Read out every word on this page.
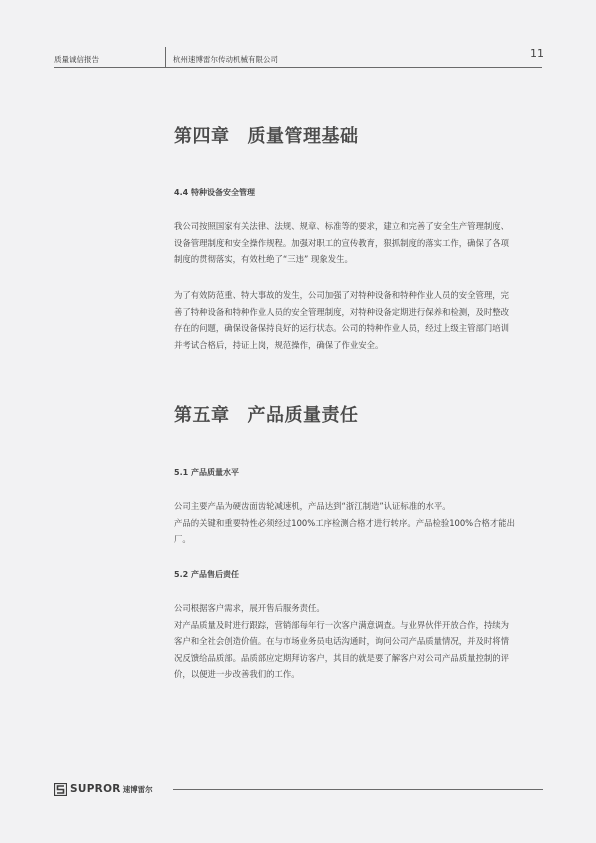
质量诚信报告	杭州速博雷尔传动机械有限公司	11
第四章 质量管理基础
4.4 特种设备安全管理
我公司按照国家有关法律、法规、规章、标准等的要求，建立和完善了安全生产管理制度、
设备管理制度和安全操作规程。加强对职工的宣传教育，狠抓制度的落实工作，确保了各项
制度的贯彻落实，有效杜绝了“三违” 现象发生。
为了有效防范重、特大事故的发生，公司加强了对特种设备和特种作业人员的安全管理，完
善了特种设备和特种作业人员的安全管理制度，对特种设备定期进行保养和检测，及时整改
存在的问题，确保设备保持良好的运行状态。公司的特种作业人员，经过上级主管部门培训
并考试合格后，持证上岗，规范操作，确保了作业安全。
第五章 产品质量责任
5.1 产品质量水平
公司主要产品为硬齿面齿轮减速机，产品达到“浙江制造”认证标准的水平。
产品的关键和重要特性必须经过100%工序检测合格才进行转序。产品检验100%合格才能出
厂。
5.2 产品售后责任
公司根据客户需求，展开售后服务责任。
对产品质量及时进行跟踪，营销部每年行一次客户满意调查。与业界伙伴开放合作，持续为
客户和全社会创造价值。在与市场业务员电话沟通时，询问公司产品质量情况，并及时将情
况反馈给品质部。品质部应定期拜访客户，其目的就是要了解客户对公司产品质量控制的评
价，以便进一步改善我们的工作。
SUPROR 速博雷尔
